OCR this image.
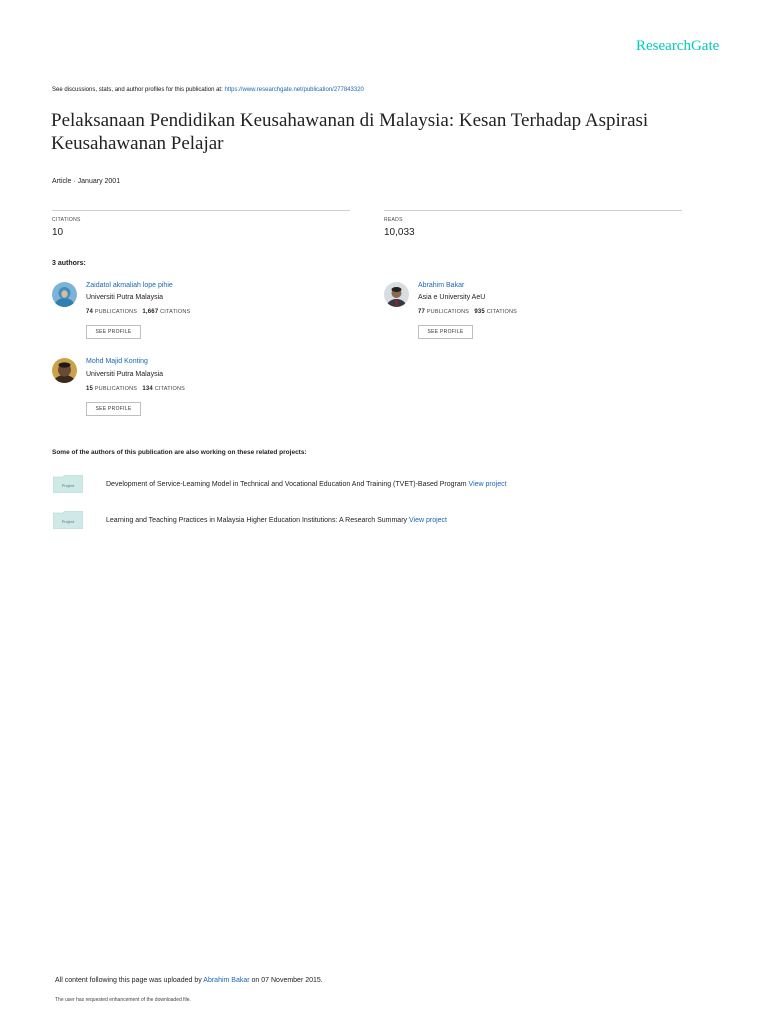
ResearchGate
See discussions, stats, and author profiles for this publication at: https://www.researchgate.net/publication/277843320
Pelaksanaan Pendidikan Keusahawanan di Malaysia: Kesan Terhadap Aspirasi Keusahawanan Pelajar
Article · January 2001
CITATIONS
10
READS
10,033
3 authors:
Zaidatol akmaliah lope pihie
Universiti Putra Malaysia
74 PUBLICATIONS 1,667 CITATIONS
SEE PROFILE
Abrahim Bakar
Asia e University AeU
77 PUBLICATIONS 935 CITATIONS
SEE PROFILE
Mohd Majid Konting
Universiti Putra Malaysia
15 PUBLICATIONS 134 CITATIONS
SEE PROFILE
Some of the authors of this publication are also working on these related projects:
Project	Development of Service-Learning Model in Technical and Vocational Education And Training (TVET)-Based Program View project
Project	Learning and Teaching Practices in Malaysia Higher Education Institutions: A Research Summary View project
All content following this page was uploaded by Abrahim Bakar on 07 November 2015.
The user has requested enhancement of the downloaded file.
